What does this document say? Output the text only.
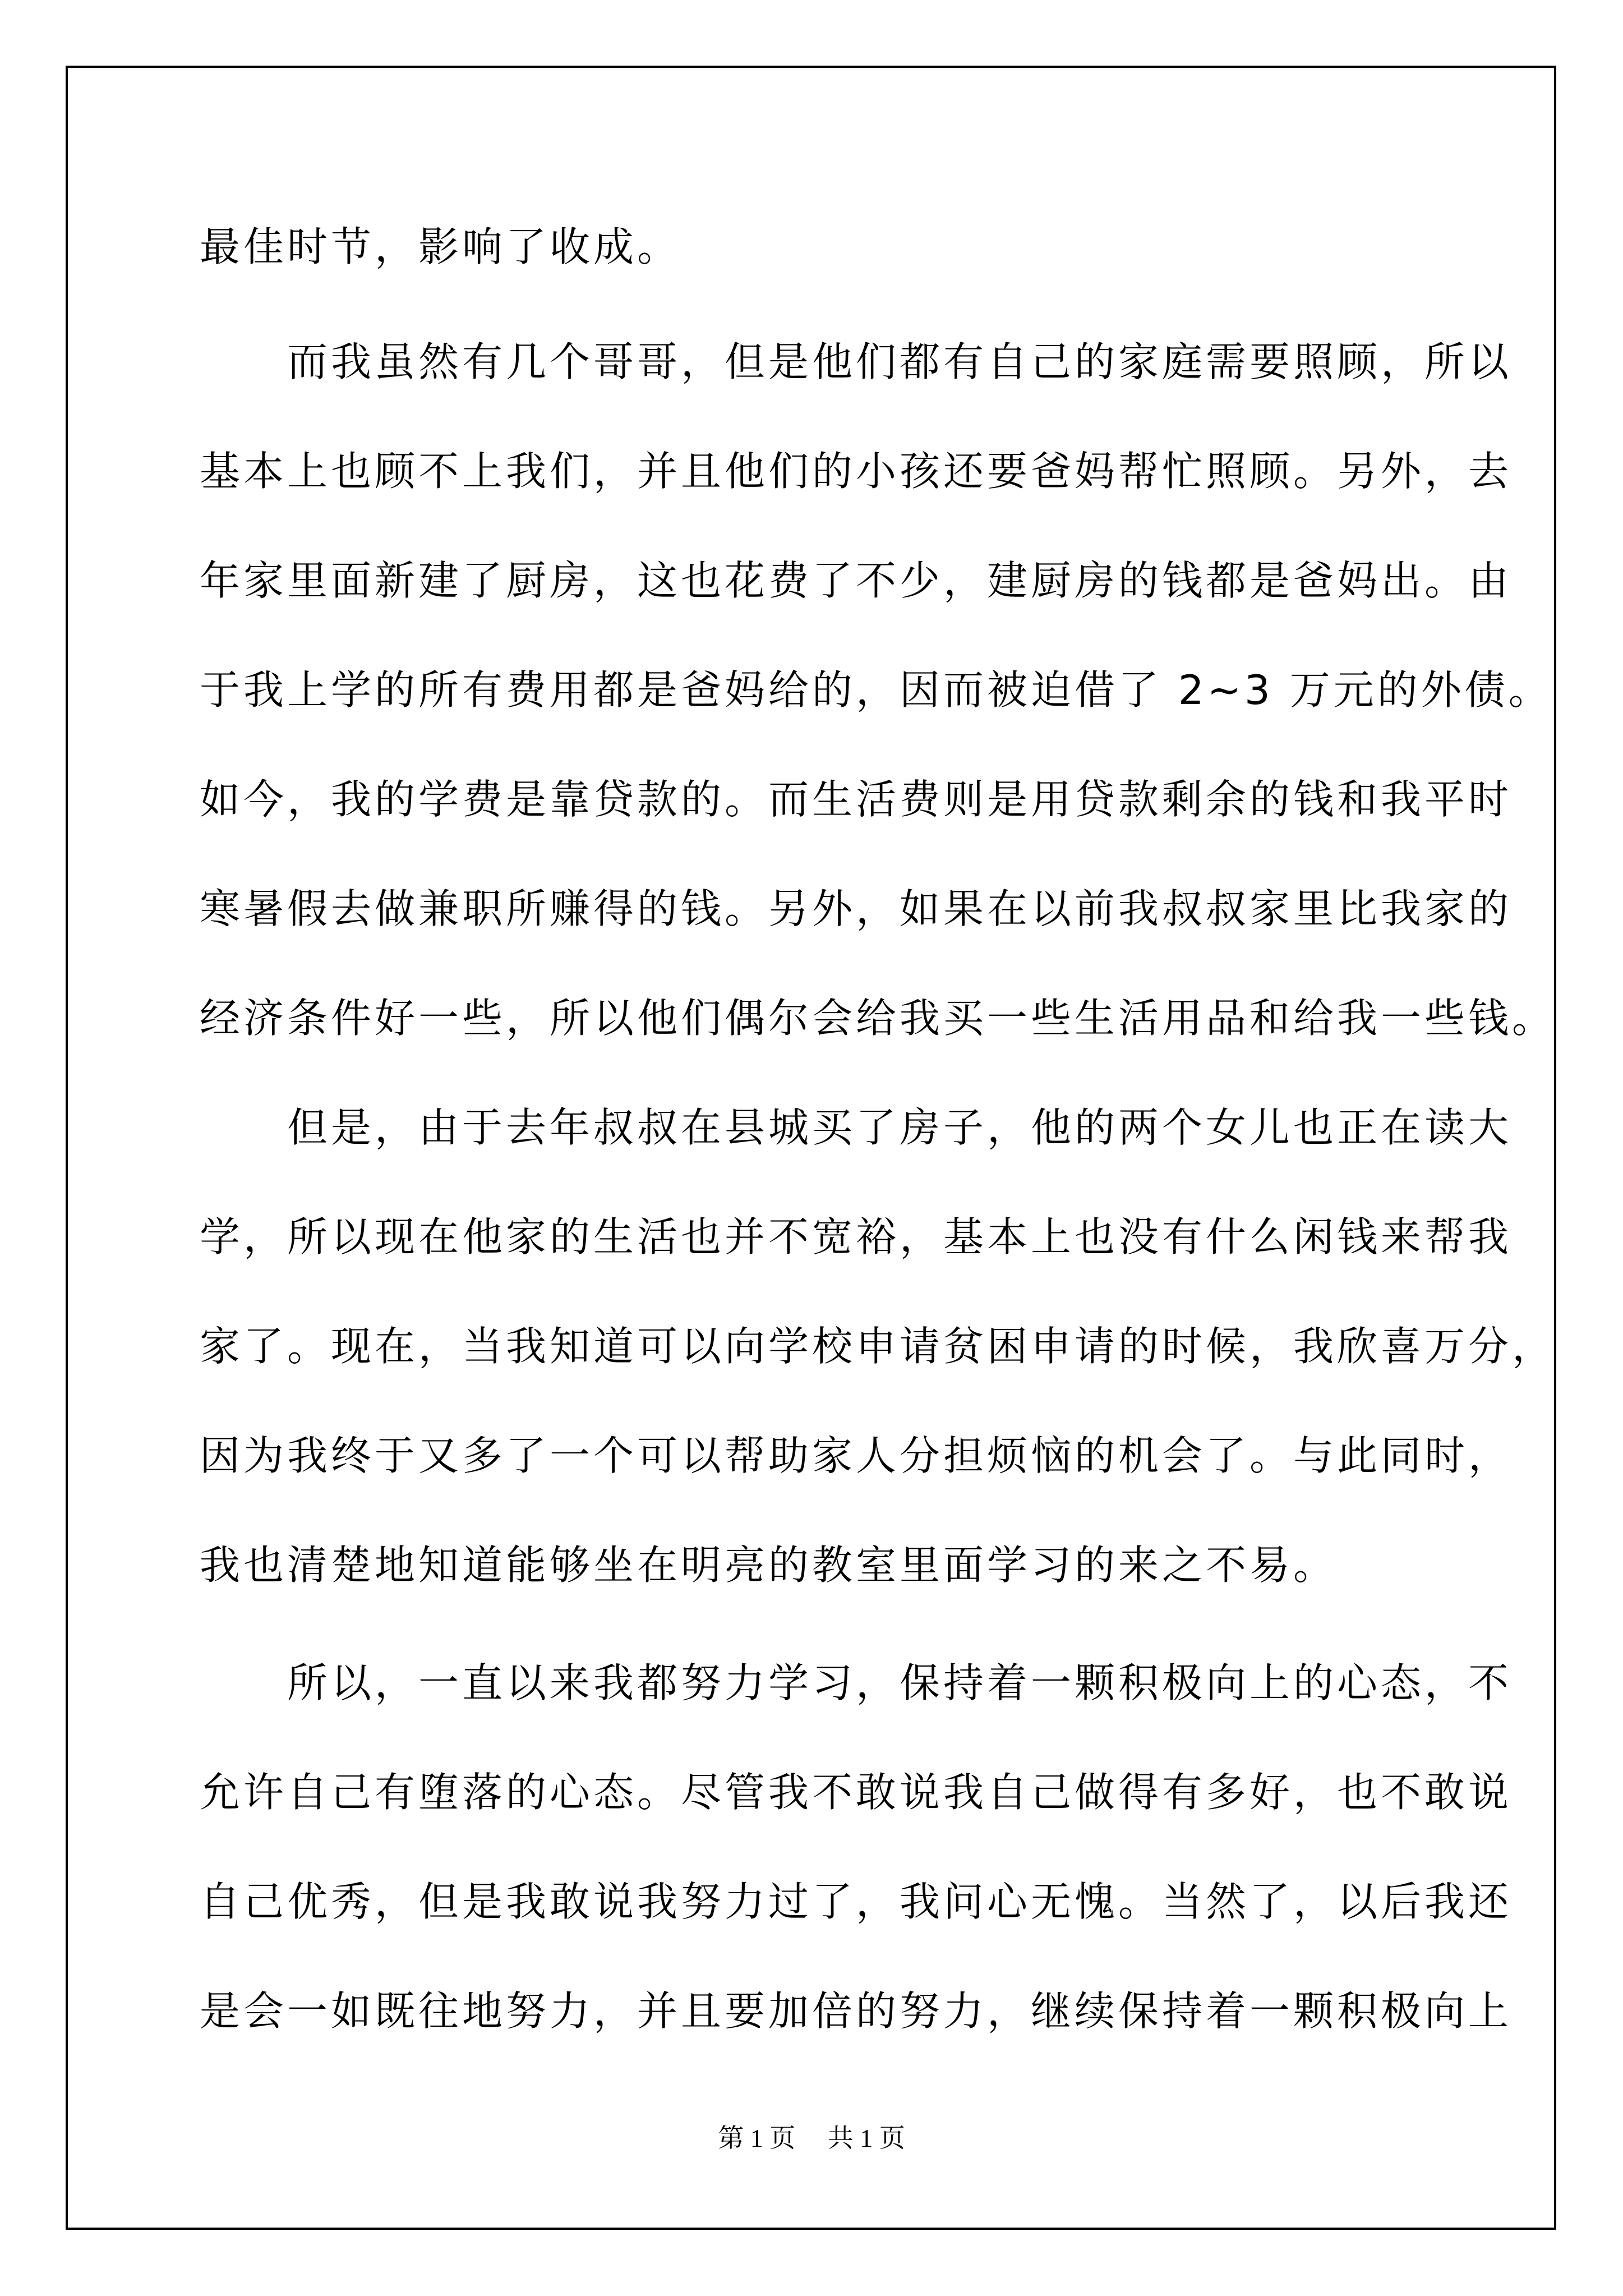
最佳时节，影响了收成。
　　而我虽然有几个哥哥，但是他们都有自己的家庭需要照顾，所以
基本上也顾不上我们，并且他们的小孩还要爸妈帮忙照顾。另外，去
年家里面新建了厨房，这也花费了不少，建厨房的钱都是爸妈出。由
于我上学的所有费用都是爸妈给的，因而被迫借了 2~3 万元的外债。
如今，我的学费是靠贷款的。而生活费则是用贷款剩余的钱和我平时
寒暑假去做兼职所赚得的钱。另外，如果在以前我叔叔家里比我家的
经济条件好一些，所以他们偶尔会给我买一些生活用品和给我一些钱。
　　但是，由于去年叔叔在县城买了房子，他的两个女儿也正在读大
学，所以现在他家的生活也并不宽裕，基本上也没有什么闲钱来帮我
家了。现在，当我知道可以向学校申请贫困申请的时候，我欣喜万分，
因为我终于又多了一个可以帮助家人分担烦恼的机会了。与此同时，
我也清楚地知道能够坐在明亮的教室里面学习的来之不易。
　　所以，一直以来我都努力学习，保持着一颗积极向上的心态，不
允许自己有堕落的心态。尽管我不敢说我自己做得有多好，也不敢说
自己优秀，但是我敢说我努力过了，我问心无愧。当然了，以后我还
是会一如既往地努力，并且要加倍的努力，继续保持着一颗积极向上
第 1 页　 共 1 页
